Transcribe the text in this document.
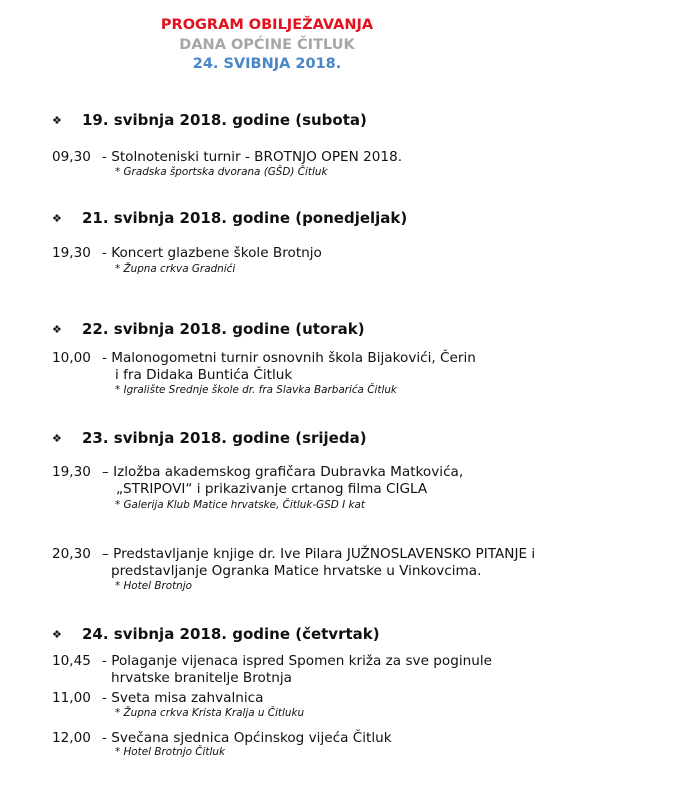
PROGRAM OBILJEŽAVANJA
DANA OPĆINE ČITLUK
24. SVIBNJA 2018.
❖ 19. svibnja 2018. godine (subota)
09,30 - Stolnoteniski turnir - BROTNJO OPEN 2018.
* Gradska športska dvorana (GŠD) Čitluk
❖ 21. svibnja 2018. godine (ponedjeljak)
19,30 - Koncert glazbene škole Brotnjo
* Župna crkva Gradnići
❖ 22. svibnja 2018. godine (utorak)
10,00 - Malonogometni turnir osnovnih škola Bijakovići, Čerin
i fra Didaka Buntića Čitluk
* Igralište Srednje škole dr. fra Slavka Barbarića Čitluk
❖ 23. svibnja 2018. godine (srijeda)
19,30 – Izložba akademskog grafičara Dubravka Matkovića,
„STRIPOVI“ i prikazivanje crtanog filma CIGLA
* Galerija Klub Matice hrvatske, Čitluk-GSD I kat
20,30 – Predstavljanje knjige dr. Ive Pilara JUŽNOSLAVENSKO PITANJE i
predstavljanje Ogranka Matice hrvatske u Vinkovcima.
* Hotel Brotnjo
❖ 24. svibnja 2018. godine (četvrtak)
10,45 - Polaganje vijenaca ispred Spomen križa za sve poginule
hrvatske branitelje Brotnja
11,00 - Sveta misa zahvalnica
* Župna crkva Krista Kralja u Čitluku
12,00 - Svečana sjednica Općinskog vijeća Čitluk
* Hotel Brotnjo Čitluk
